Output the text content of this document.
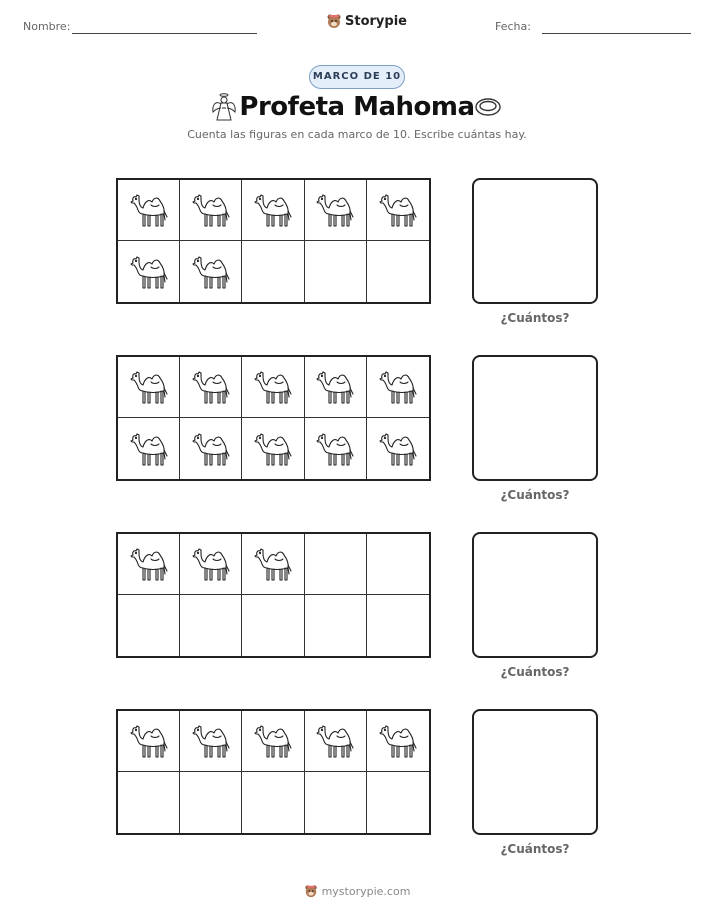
Nombre:	Storypie	Fecha:
MARCO DE 10
Profeta Mahoma
Cuenta las figuras en cada marco de 10. Escribe cuántas hay.
¿Cuántos?
¿Cuántos?
¿Cuántos?
¿Cuántos?
mystorypie.com
